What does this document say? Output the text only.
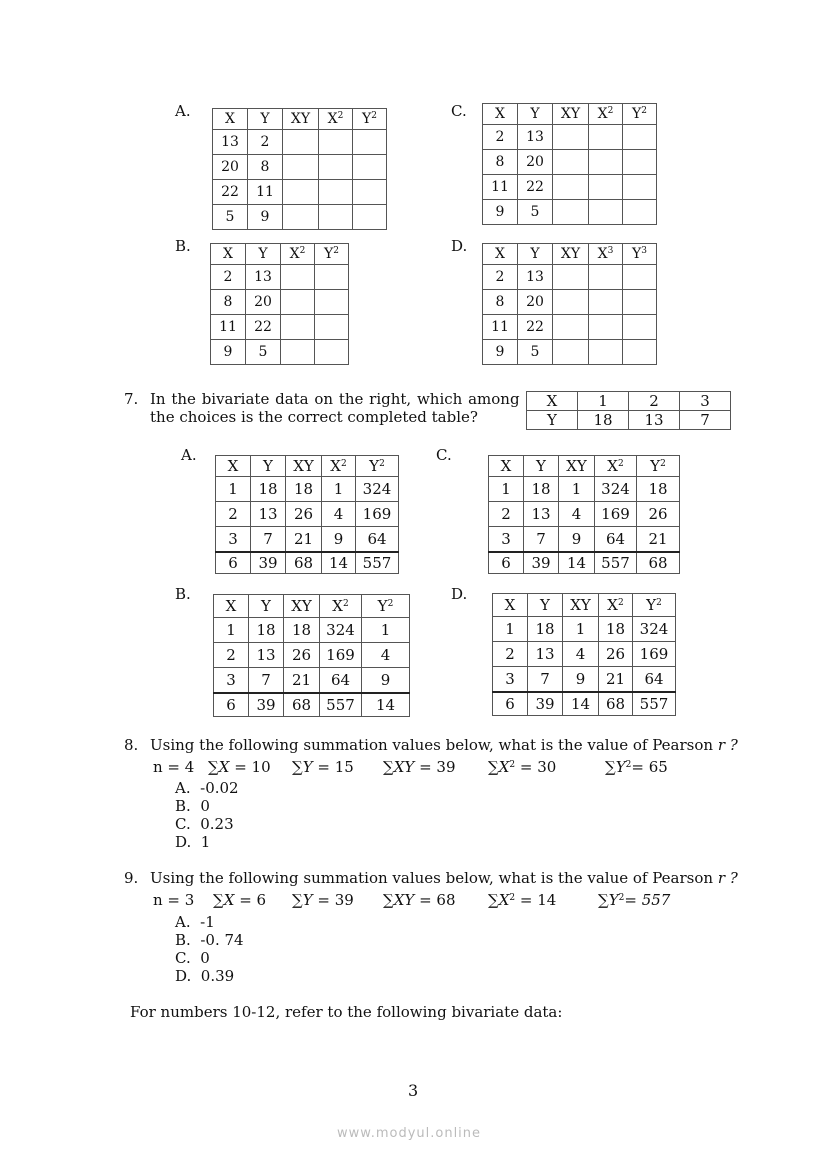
A. X	Y	XY	$X^2$	$Y^2$
13	2			
20	8			
22	11			
5	9			
C. X	Y	XY	$X^2$	$Y^2$
2	13			
8	20			
11	22			
9	5			
B. X	Y	$X^2$	$Y^2$
2	13		
8	20		
11	22		
9	5		
D. X	Y	XY	$X^3$	$Y^3$
2	13			
8	20			
11	22			
9	5			
7. In the bivariate data on the right, which among
the choices is the correct completed table?
X	1	2	3
Y	18	13	7
A.
X	Y	XY	$X^2$	$Y^2$
1	18	18	1	324
2	13	26	4	169
3	7	21	9	64
6	39	68	14	557
C.
X	Y	XY	$X^2$	$Y^2$
1	18	1	324	18
2	13	4	169	26
3	7	9	64	21
6	39	14	557	68
B.
X	Y	XY	$X^2$	$Y^2$
1	18	18	324	1
2	13	26	169	4
3	7	21	64	9
6	39	68	557	14
D.
X	Y	XY	$X^2$	$Y^2$
1	18	1	18	324
2	13	4	26	169
3	7	9	21	64
6	39	14	68	557
8. Using the following summation values below, what is the value of Pearson r ?
n = 4 ∑X = 10 ∑Y = 15 ∑XY = 39 $\sum X^2 = 30$	$\sum Y^2= 65$
A.  -0.02
B.  0
C.  0.23
D.  1
9. Using the following summation values below, what is the value of Pearson r ?
n = 3 ∑X = 6 ∑Y = 39 ∑XY = 68 $\sum X^2 = 14$	$\sum Y^2= 557$
A.  -1
B.  -0. 74
C.  0
D.  0.39
For numbers 10-12, refer to the following bivariate data:
3
www.modyul.online
